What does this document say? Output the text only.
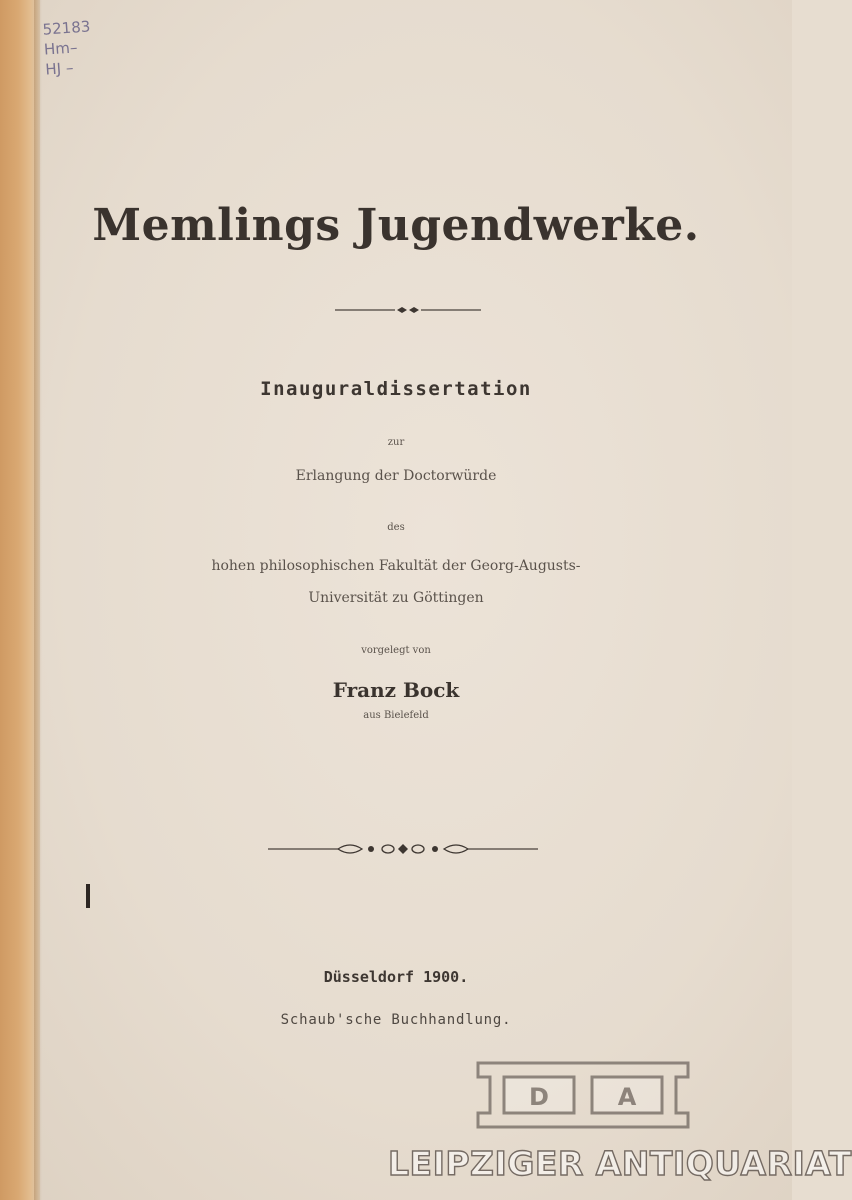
52183
Hm–
HJ –
Memlings Jugendwerke.
Inauguraldissertation
zur
Erlangung der Doctorwürde
des
hohen philosophischen Fakultät der Georg-Augusts-
Universität zu Göttingen
vorgelegt von
Franz Bock
aus Bielefeld
Düsseldorf 1900.
Schaub'sche Buchhandlung.
D	A
LEIPZIGER ANTIQUARIAT
